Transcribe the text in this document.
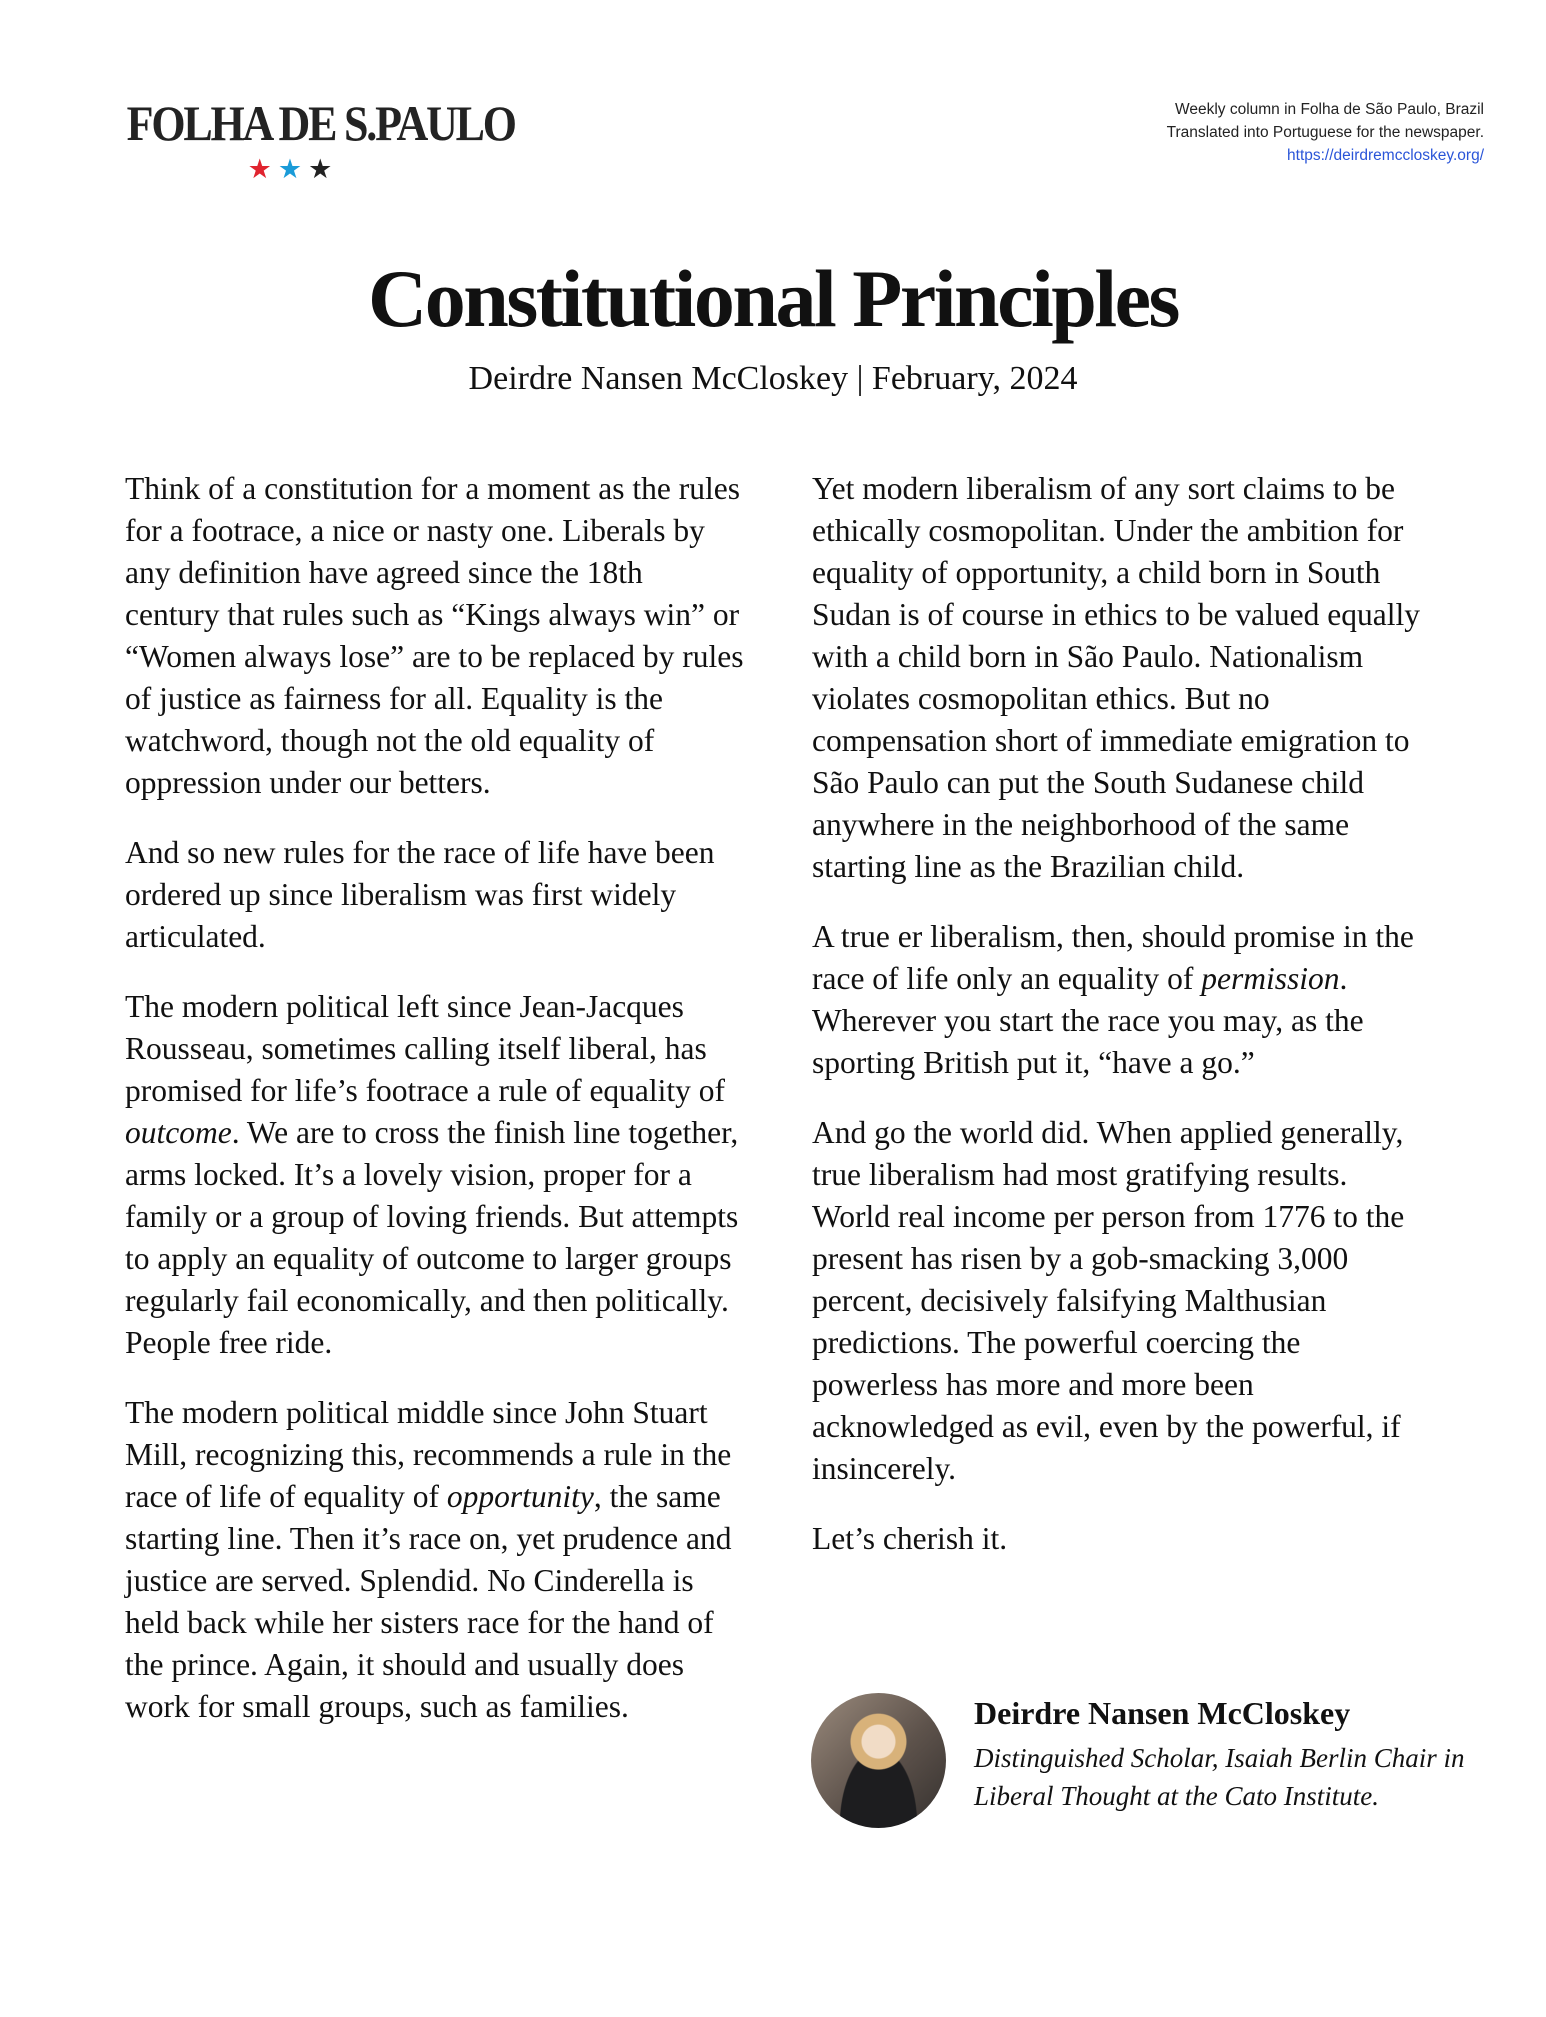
FOLHA DE S.PAULO
★★★
Weekly column in Folha de São Paulo, Brazil
Translated into Portuguese for the newspaper.
https://deirdremccloskey.org/
Constitutional Principles
Deirdre Nansen McCloskey | February, 2024

Think of a constitution for a moment as the rules for a footrace, a nice or nasty one. Liberals by any definition have agreed since the 18th century that rules such as “Kings always win” or “Women always lose” are to be replaced by rules of justice as fairness for all. Equality is the watchword, though not the old equality of oppression under our betters.

And so new rules for the race of life have been ordered up since liberalism was first widely articulated.

The modern political left since Jean-Jacques Rousseau, sometimes calling itself liberal, has promised for life’s footrace a rule of equality of outcome. We are to cross the finish line together, arms locked. It’s a lovely vision, proper for a family or a group of loving friends. But attempts to apply an equality of outcome to larger groups regularly fail economically, and then politically. People free ride.

The modern political middle since John Stuart Mill, recognizing this, recommends a rule in the race of life of equality of opportunity, the same starting line. Then it’s race on, yet prudence and justice are served. Splendid. No Cinderella is held back while her sisters race for the hand of the prince. Again, it should and usually does work for small groups, such as families.

Yet modern liberalism of any sort claims to be ethically cosmopolitan. Under the ambition for equality of opportunity, a child born in South Sudan is of course in ethics to be valued equally with a child born in São Paulo. Nationalism violates cosmopolitan ethics. But no compensation short of immediate emigration to São Paulo can put the South Sudanese child anywhere in the neighborhood of the same starting line as the Brazilian child.

A true er liberalism, then, should promise in the race of life only an equality of permission. Wherever you start the race you may, as the sporting British put it, “have a go.”

And go the world did. When applied generally, true liberalism had most gratifying results. World real income per person from 1776 to the present has risen by a gob-smacking 3,000 percent, decisively falsifying Malthusian predictions. The powerful coercing the powerless has more and more been acknowledged as evil, even by the powerful, if insincerely.

Let’s cherish it.

Deirdre Nansen McCloskey
Distinguished Scholar, Isaiah Berlin Chair in Liberal Thought at the Cato Institute.
